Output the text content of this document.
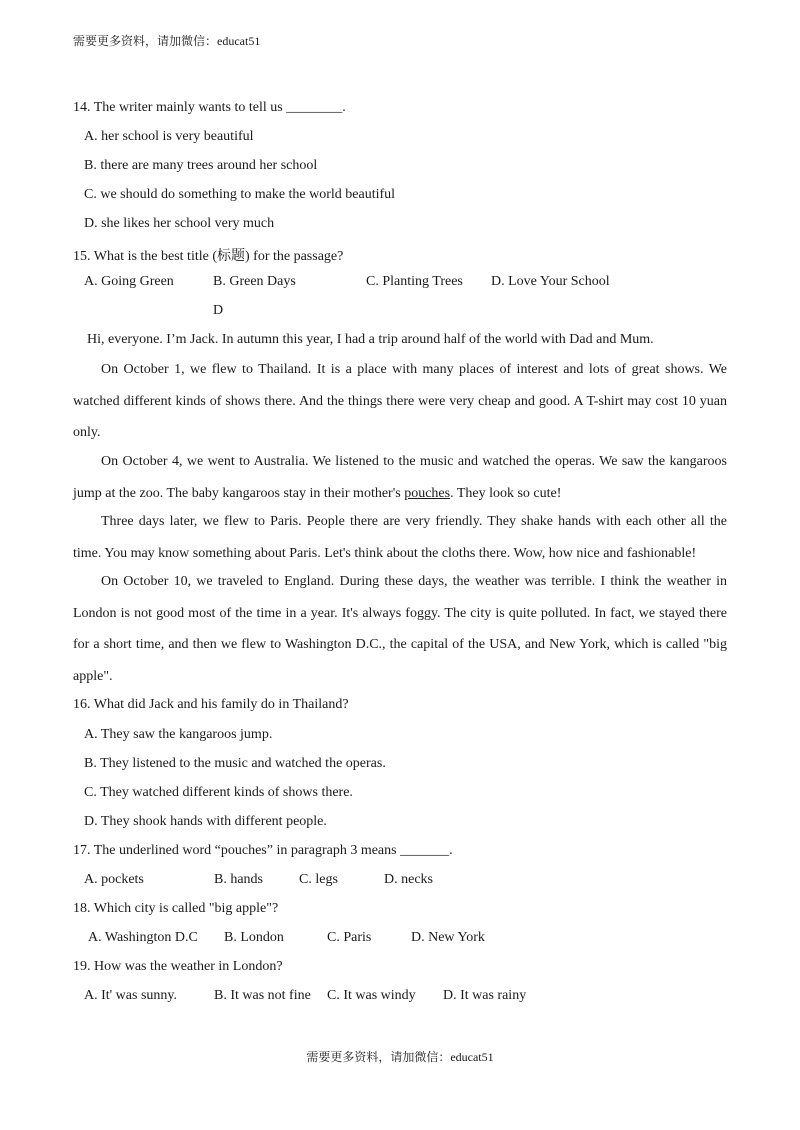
需要更多资料，请加微信：educat51
14. The writer mainly wants to tell us ________.
A. her school is very beautiful
B. there are many trees around her school
C. we should do something to make the world beautiful
D. she likes her school very much
15. What is the best title (标题) for the passage?
A. Going Green	B. Green Days	C. Planting Trees D. Love Your School
D
Hi, everyone. I’m Jack. In autumn this year, I had a trip around half of the world with Dad and Mum.
On October 1, we flew to Thailand. It is a place with many places of interest and lots of great shows. We watched different kinds of shows there. And the things there were very cheap and good. A T-shirt may cost 10 yuan only.
On October 4, we went to Australia. We listened to the music and watched the operas. We saw the kangaroos jump at the zoo. The baby kangaroos stay in their mother's pouches. They look so cute!
Three days later, we flew to Paris. People there are very friendly. They shake hands with each other all the time. You may know something about Paris. Let's think about the cloths there. Wow, how nice and fashionable!
On October 10, we traveled to England. During these days, the weather was terrible. I think the weather in London is not good most of the time in a year. It's always foggy. The city is quite polluted. In fact, we stayed there for a short time, and then we flew to Washington D.C., the capital of the USA, and New York, which is called "big apple".
16. What did Jack and his family do in Thailand?
A. They saw the kangaroos jump.
B. They listened to the music and watched the operas.
C. They watched different kinds of shows there.
D. They shook hands with different people.
17. The underlined word “pouches” in paragraph 3 means _______.
A. pockets	B. hands	C. legs	D. necks
18. Which city is called "big apple"?
A. Washington D.C B. London	C. Paris	D. New York
19. How was the weather in London?
A. It' was sunny.	B. It was not fine C. It was windy D. It was rainy
需要更多资料，请加微信：educat51
